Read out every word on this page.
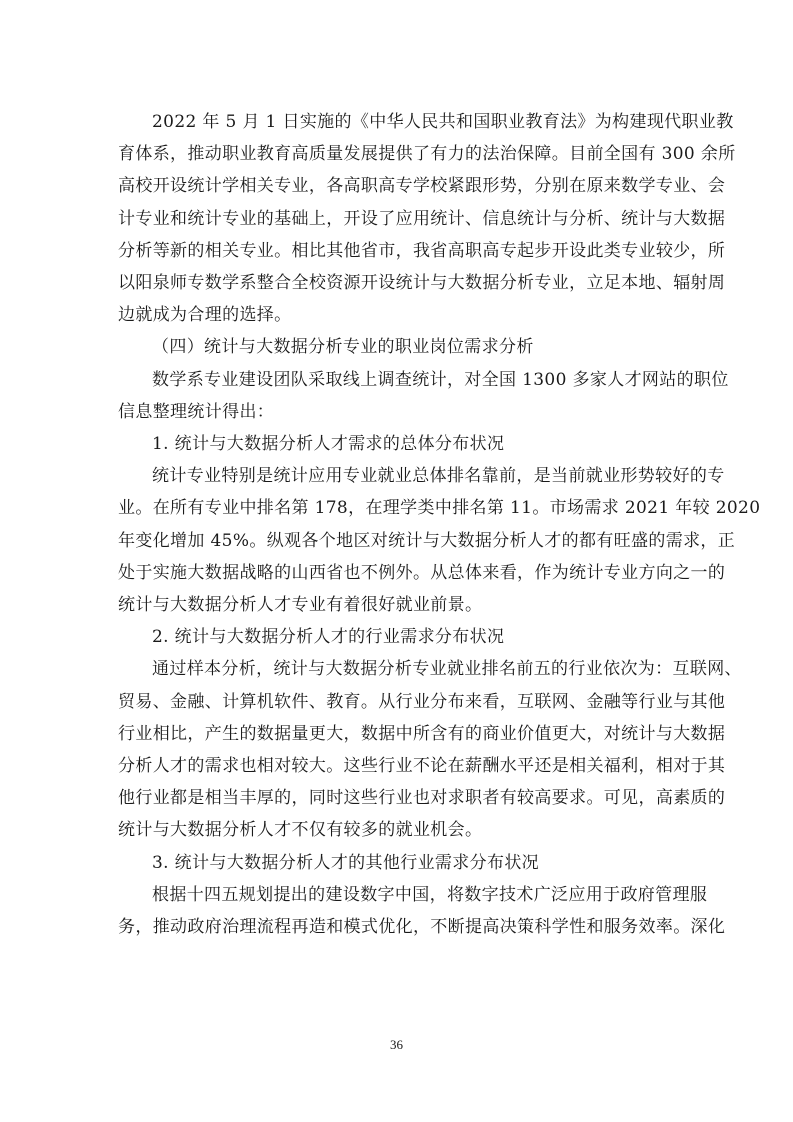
2022 年 5 月 1 日实施的《中华人民共和国职业教育法》为构建现代职业教
育体系，推动职业教育高质量发展提供了有力的法治保障。目前全国有 300 余所
高校开设统计学相关专业，各高职高专学校紧跟形势，分别在原来数学专业、会
计专业和统计专业的基础上，开设了应用统计、信息统计与分析、统计与大数据
分析等新的相关专业。相比其他省市，我省高职高专起步开设此类专业较少，所
以阳泉师专数学系整合全校资源开设统计与大数据分析专业，立足本地、辐射周
边就成为合理的选择。
（四）统计与大数据分析专业的职业岗位需求分析
数学系专业建设团队采取线上调查统计，对全国 1300 多家人才网站的职位
信息整理统计得出：
1. 统计与大数据分析人才需求的总体分布状况
统计专业特别是统计应用专业就业总体排名靠前，是当前就业形势较好的专
业。在所有专业中排名第 178，在理学类中排名第 11。市场需求 2021 年较 2020
年变化增加 45%。纵观各个地区对统计与大数据分析人才的都有旺盛的需求，正
处于实施大数据战略的山西省也不例外。从总体来看，作为统计专业方向之一的
统计与大数据分析人才专业有着很好就业前景。
2. 统计与大数据分析人才的行业需求分布状况
通过样本分析，统计与大数据分析专业就业排名前五的行业依次为：互联网、
贸易、金融、计算机软件、教育。从行业分布来看，互联网、金融等行业与其他
行业相比，产生的数据量更大，数据中所含有的商业价值更大，对统计与大数据
分析人才的需求也相对较大。这些行业不论在薪酬水平还是相关福利，相对于其
他行业都是相当丰厚的，同时这些行业也对求职者有较高要求。可见，高素质的
统计与大数据分析人才不仅有较多的就业机会。
3. 统计与大数据分析人才的其他行业需求分布状况
根据十四五规划提出的建设数字中国，将数字技术广泛应用于政府管理服
务，推动政府治理流程再造和模式优化，不断提高决策科学性和服务效率。深化
36
